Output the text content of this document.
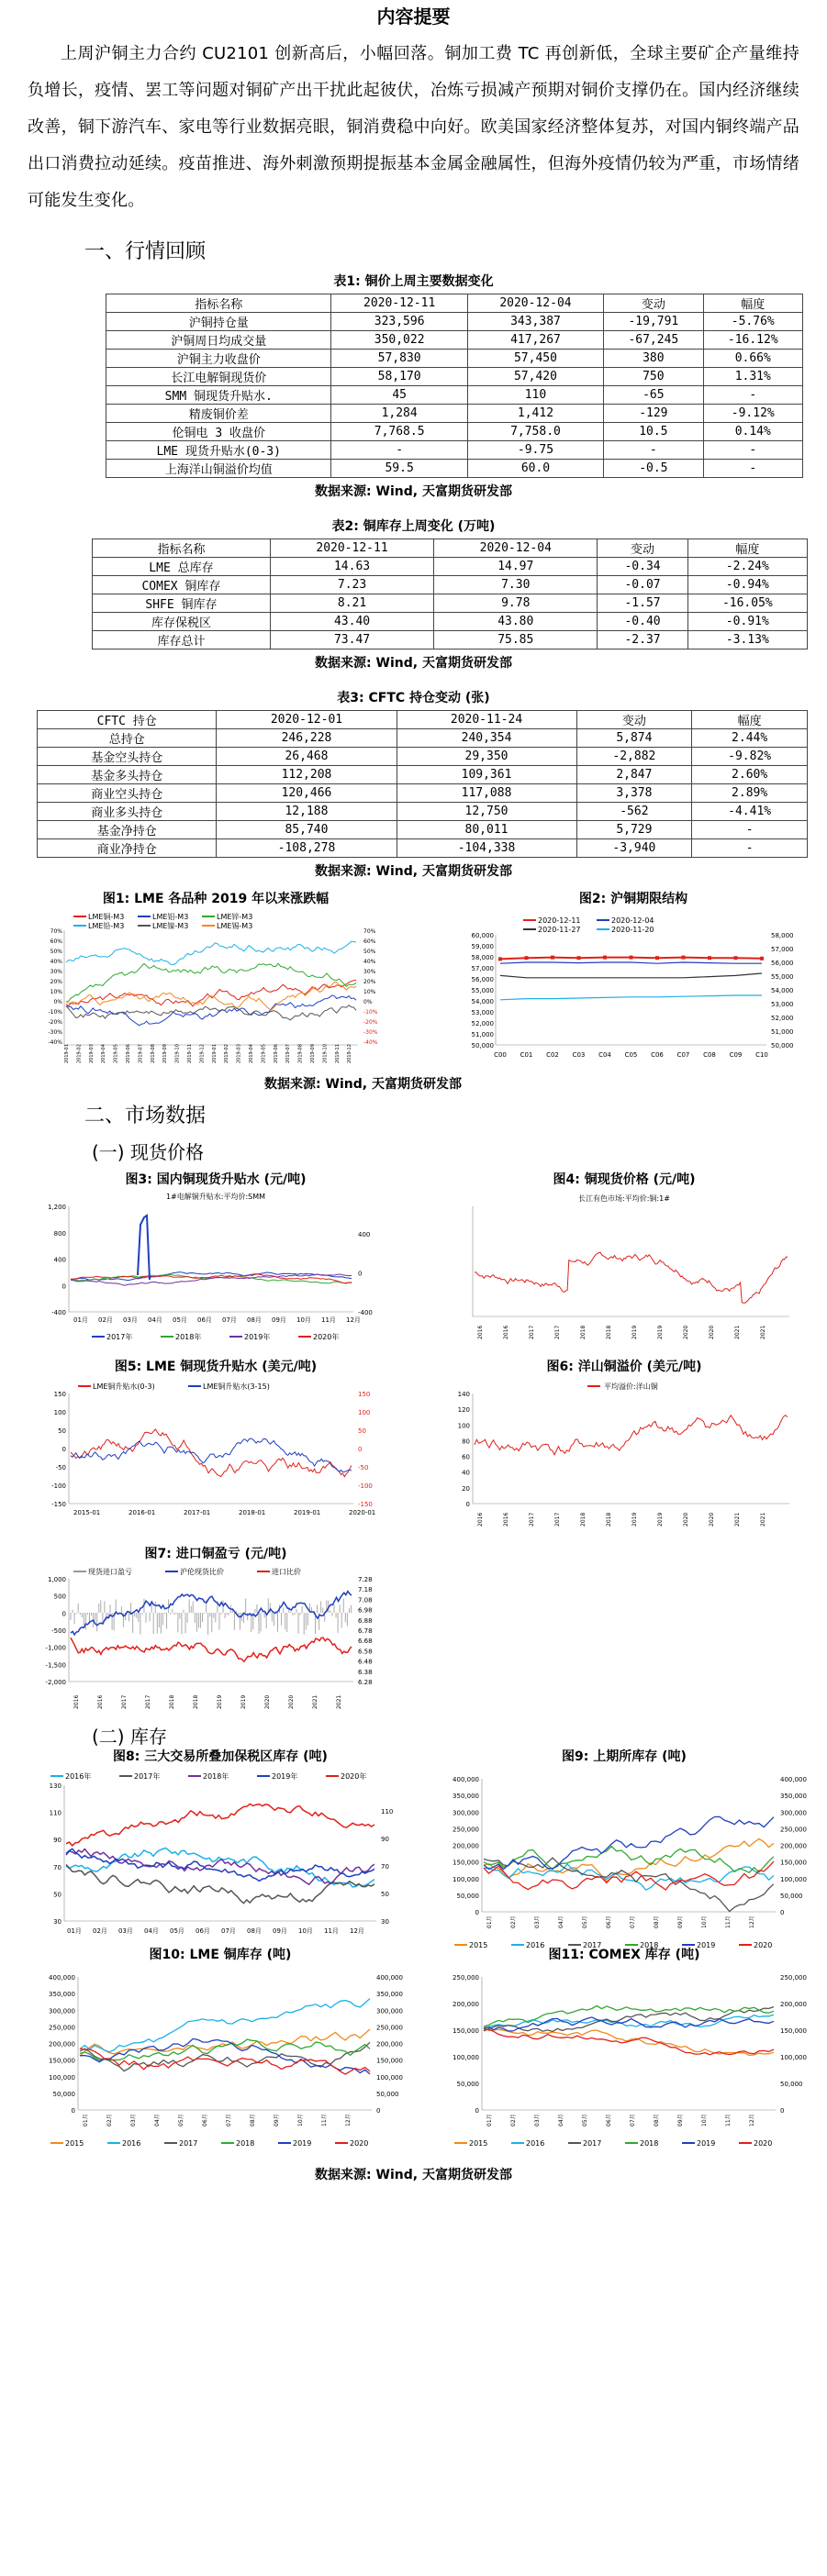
内容提要
上周沪铜主力合约 CU2101 创新高后，小幅回落。铜加工费 TC 再创新低，全球主要矿企产量维持负增长，疫情、罢工等问题对铜矿产出干扰此起彼伏，冶炼亏损减产预期对铜价支撑仍在。国内经济继续改善，铜下游汽车、家电等行业数据亮眼，铜消费稳中向好。欧美国家经济整体复苏，对国内铜终端产品出口消费拉动延续。疫苗推进、海外刺激预期提振基本金属金融属性，但海外疫情仍较为严重，市场情绪可能发生变化。
一、行情回顾
表1: 铜价上周主要数据变化
指标名称	2020-12-11	2020-12-04	变动	幅度
沪铜持仓量	323,596	343,387	-19,791	-5.76%
沪铜周日均成交量	350,022	417,267	-67,245	-16.12%
沪铜主力收盘价	57,830	57,450	380	0.66%
长江电解铜现货价	58,170	57,420	750	1.31%
SMM 铜现货升贴水.	45	110	-65	-
精废铜价差	1,284	1,412	-129	-9.12%
伦铜电 3 收盘价	7,768.5	7,758.0	10.5	0.14%
LME 现货升贴水(0-3)	-	-9.75	-	-
上海洋山铜溢价均值	59.5	60.0	-0.5	-
数据来源: Wind, 天富期货研发部
表2: 铜库存上周变化 (万吨)
指标名称	2020-12-11	2020-12-04	变动	幅度
LME 总库存	14.63	14.97	-0.34	-2.24%
COMEX 铜库存	7.23	7.30	-0.07	-0.94%
SHFE 铜库存	8.21	9.78	-1.57	-16.05%
库存保税区	43.40	43.80	-0.40	-0.91%
库存总计	73.47	75.85	-2.37	-3.13%
数据来源: Wind, 天富期货研发部
表3: CFTC 持仓变动 (张)
CFTC 持仓	2020-12-01	2020-11-24	变动	幅度
总持仓	246,228	240,354	5,874	2.44%
基金空头持仓	26,468	29,350	-2,882	-9.82%
基金多头持仓	112,208	109,361	2,847	2.60%
商业空头持仓	120,466	117,088	3,378	2.89%
商业多头持仓	12,188	12,750	-562	-4.41%
基金净持仓	85,740	80,011	5,729	-
商业净持仓	-108,278	-104,338	-3,940	-
数据来源: Wind, 天富期货研发部
图1: LME 各品种 2019 年以来涨跌幅
LME铜-M3	LME铝-M3	LME锌-M3
LME铅-M3	LME镍-M3	LME锡-M3
70%	70%
60%	60%
50%	50%
40%	40%
30%	30%
20%	20%
10%	10%
0%	0%
-10%	-10%
-20%	-20%
-30%	-30%
-40%	-40%
2019-01 2019-02 2019-03 2019-04 2019-05 2019-06 2019-07 2019-08 2019-09 2019-10 2019-11 2019-12 2019-01 2019-02 2019-03 2019-04 2019-05 2019-06 2019-07 2019-08 2019-09 2019-10 2019-11 2019-12
图2: 沪铜期限结构
2020-12-11	2020-12-04
2020-11-27	2020-11-20
60,000
59,000
58,000
57,000
56,000
55,000
54,000
53,000
52,000
51,000
50,000
58,000
57,000
56,000
55,000
54,000
53,000
52,000
51,000
50,000
C00 C01 C02 C03 C04 C05 C06 C07 C08 C09 C10
数据来源: Wind, 天富期货研发部
二、市场数据
(一) 现货价格
图3: 国内铜现货升贴水 (元/吨)
1#电解铜升贴水:平均价:SMM
1,200
800
400
0
-400
400
0
-400
01月 02月 03月 04月 05月 06月 07月 08月 09月 10月 11月 12月
2017年	2018年	2019年	2020年
图4: 铜现货价格 (元/吨)
长江有色市场:平均价:铜:1#
2016	2016	2017	2017	2018	2018	2019	2019	2020	2020	2021	2021
图5: LME 铜现货升贴水 (美元/吨)
LME铜升贴水(0-3)	LME铜升贴水(3-15)
150
100
50
0
-50
-100
-150
150
100
50
0
-50
-100
-150
2015-01	2016-01	2017-01	2018-01	2019-01	2020-01
图6: 洋山铜溢价 (美元/吨)
平均溢价:洋山铜
140
120
100
80
60
40
20
0
2016	2016	2017	2017	2018	2018	2019	2019	2020	2020	2021	2021
图7: 进口铜盈亏 (元/吨)
现货进口盈亏	沪伦现货比价	进口比价
1,000
500
0
-500
-1,000
-1,500
-2,000
7.28
7.18
7.08
6.98
6.88
6.78
6.68
6.58
6.48
6.38
6.28
2016	2016	2017	2017	2018	2018	2019	2019	2020	2020	2021	2021
(二) 库存
图8: 三大交易所叠加保税区库存 (吨)
2016年	2017年	2018年	2019年	2020年
130
110
90
70
50
30
110
90
70
50
30
01月 02月 03月 04月 05月 06月 07月 08月 09月 10月 11月 12月
图9: 上期所库存 (吨)
400,000
350,000
300,000
250,000
200,000
150,000
100,000
50,000
0
400,000
350,000
300,000
250,000
200,000
150,000
100,000
50,000
0
01月	02月	03月	04月	05月	06月	07月	08月	09月	10月	11月	12月
2015	2016	2017	2018	2019	2020
图10: LME 铜库存 (吨)
400,000
350,000
300,000
250,000
200,000
150,000
100,000
50,000
0
400,000
350,000
300,000
250,000
200,000
150,000
100,000
50,000
0
01月	02月	03月	04月	05月	06月	07月	08月	09月	10月	11月	12月
2015	2016	2017	2018	2019	2020
图11: COMEX 库存 (吨)
250,000
200,000
150,000
100,000
50,000
0
250,000
200,000
150,000
100,000
50,000
0
01月	02月	03月	04月	05月	06月	07月	08月	09月	10月	11月	12月
2015	2016	2017	2018	2019	2020
数据来源: Wind, 天富期货研发部
